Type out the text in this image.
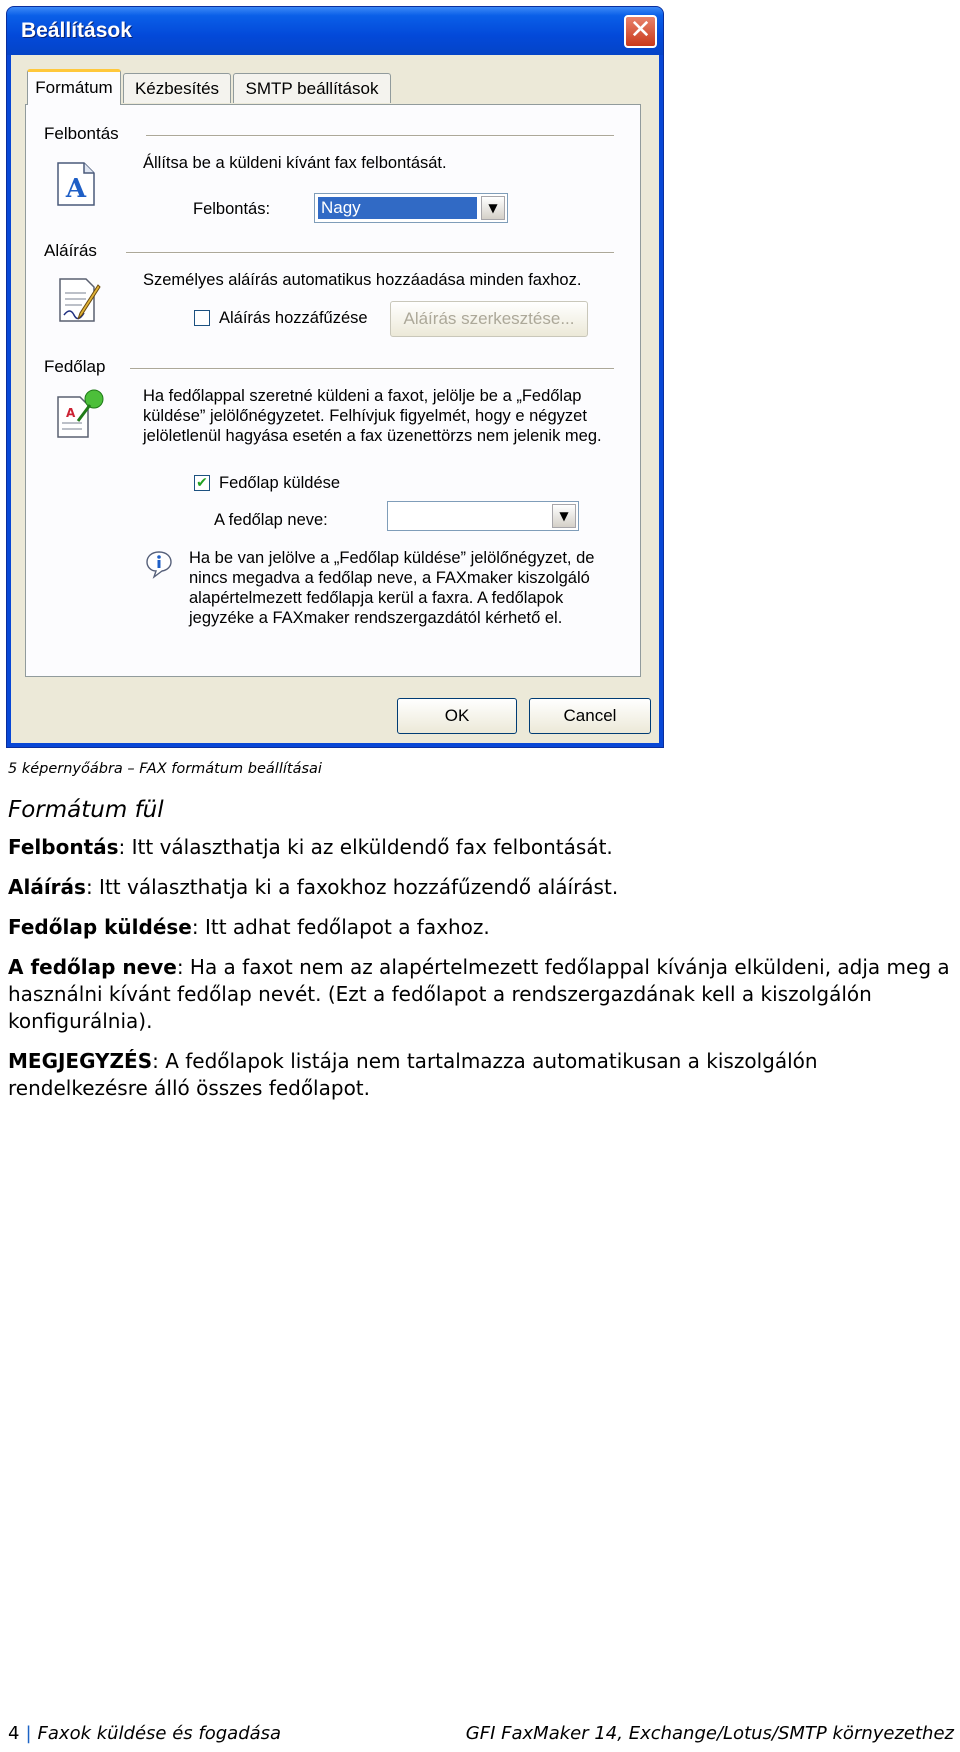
Beállítások	✕
Formátum	Kézbesítés	SMTP beállítások
Felbontás
A
Állítsa be a küldeni kívánt fax felbontását.
Felbontás:	Nagy	▼
Aláírás
Személyes aláírás automatikus hozzáadása minden faxhoz.
Aláírás hozzáfűzése	Aláírás szerkesztése...
Fedőlap
A
Ha fedőlappal szeretné küldeni a faxot, jelölje be a „Fedőlap
küldése” jelölőnégyzetet. Felhívjuk figyelmét, hogy e négyzet
jelöletlenül hagyása esetén a fax üzenettörzs nem jelenik meg.
✔ Fedőlap küldése
A fedőlap neve:	▼
Ha be van jelölve a „Fedőlap küldése” jelölőnégyzet, de
nincs megadva a fedőlap neve, a FAXmaker kiszolgáló
alapértelmezett fedőlapja kerül a faxra. A fedőlapok
jegyzéke a FAXmaker rendszergazdától kérhető el.
OK	Cancel
5 képernyőábra – FAX formátum beállításai
Formátum fül
Felbontás: Itt választhatja ki az elküldendő fax felbontását.
Aláírás: Itt választhatja ki a faxokhoz hozzáfűzendő aláírást.
Fedőlap küldése: Itt adhat fedőlapot a faxhoz.
A fedőlap neve: Ha a faxot nem az alapértelmezett fedőlappal kívánja elküldeni, adja meg a használni kívánt fedőlap nevét. (Ezt a fedőlapot a rendszergazdának kell a kiszolgálón konfigurálnia).
MEGJEGYZÉS: A fedőlapok listája nem tartalmazza automatikusan a kiszolgálón rendelkezésre álló összes fedőlapot.
4 | Faxok küldése és fogadása	GFI FaxMaker 14, Exchange/Lotus/SMTP környezethez
